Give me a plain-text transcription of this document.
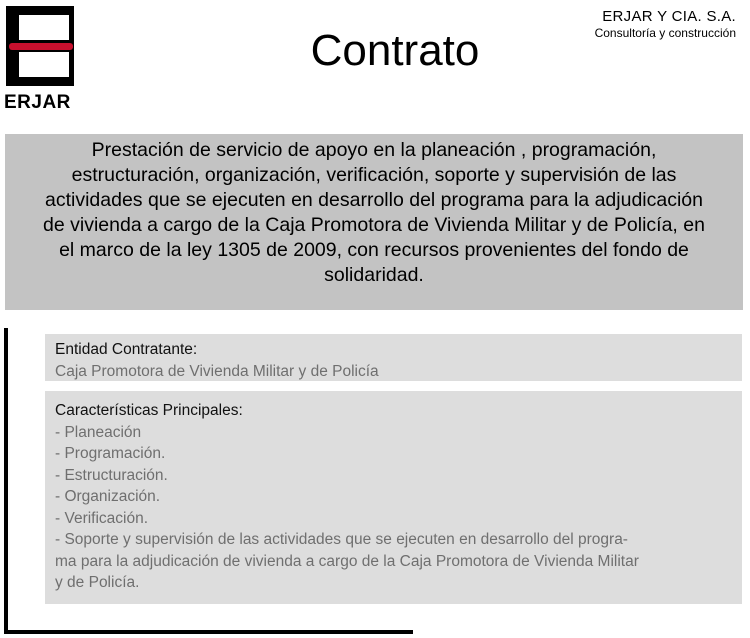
ERJAR
Contrato
ERJAR Y CIA. S.A.
Consultoría y construcción
Prestación de servicio de apoyo en la planeación , programación,
estructuración, organización, verificación, soporte y supervisión de las
actividades que se ejecuten en desarrollo del programa para la adjudicación
de vivienda a cargo de la Caja Promotora de Vivienda Militar y de Policía, en
el marco de la ley 1305 de 2009, con recursos provenientes del fondo de
solidaridad.
Entidad Contratante:
Caja Promotora de Vivienda Militar y de Policía
Características Principales:
- Planeación
- Programación.
- Estructuración.
- Organización.
- Verificación.
- Soporte y supervisión de las actividades que se ejecuten en desarrollo del progra-
ma para la adjudicación de vivienda a cargo de la Caja Promotora de Vivienda Militar
y de Policía.
